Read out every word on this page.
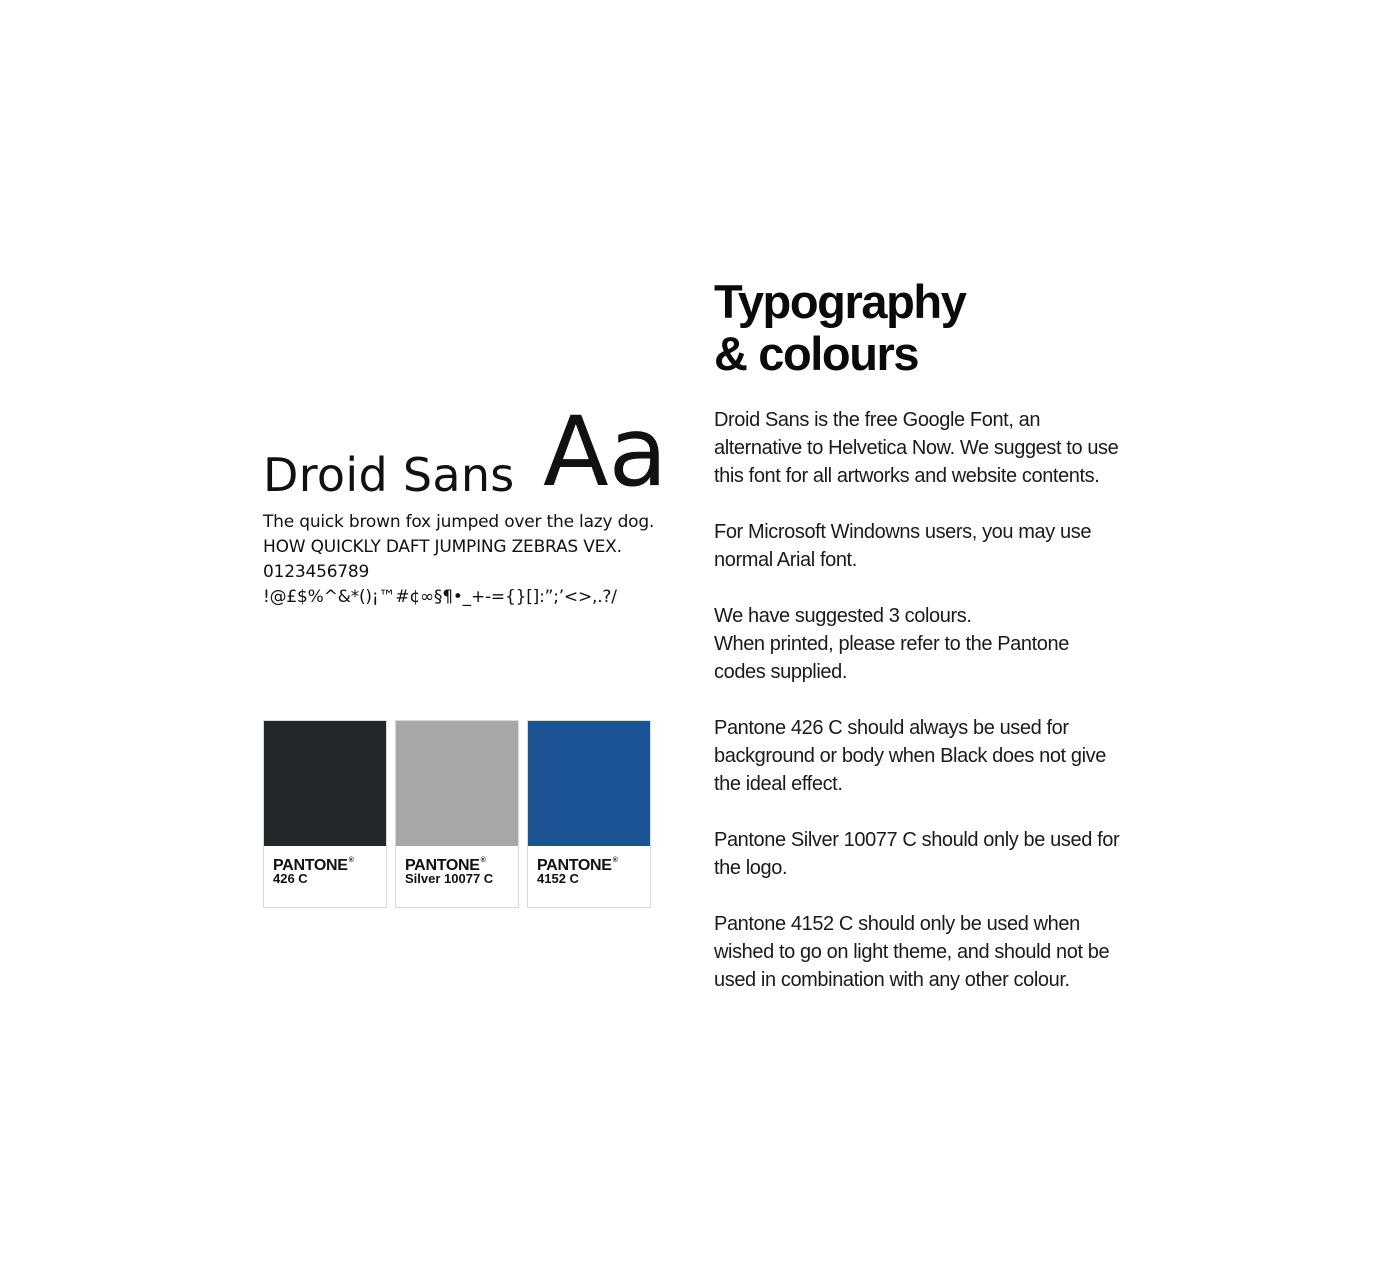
Droid Sans Aa
The quick brown fox jumped over the lazy dog.
HOW QUICKLY DAFT JUMPING ZEBRAS VEX.
0123456789
!@£$%^&*()¡™#¢∞§¶•_+-={}[]:”;’<>,.?/
PANTONE®
426 C
PANTONE®
Silver 10077 C
PANTONE®
4152 C
Typography
& colours

Droid Sans is the free Google Font, an
alternative to Helvetica Now. We suggest to use
this font for all artworks and website contents.

For Microsoft Windowns users, you may use
normal Arial font.

We have suggested 3 colours.
When printed, please refer to the Pantone
codes supplied.

Pantone 426 C should always be used for
background or body when Black does not give
the ideal effect.

Pantone Silver 10077 C should only be used for
the logo.

Pantone 4152 C should only be used when
wished to go on light theme, and should not be
used in combination with any other colour.
